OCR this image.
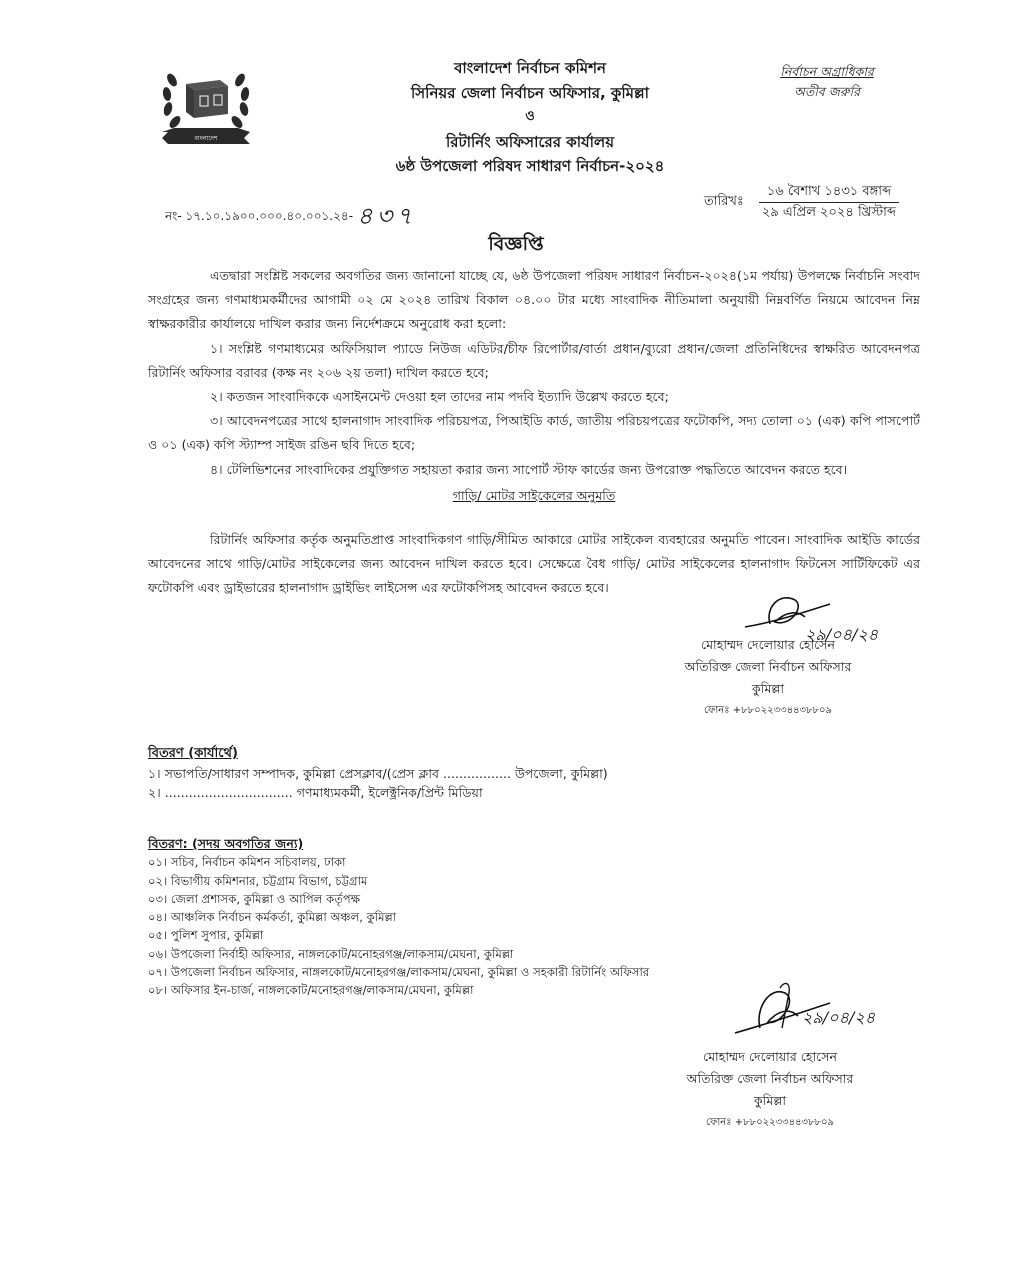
বাংলাদেশ
বাংলাদেশ নির্বাচন কমিশন
সিনিয়র জেলা নির্বাচন অফিসার, কুমিল্লা
ও
রিটার্নিং অফিসারের কার্যালয়
৬ষ্ঠ উপজেলা পরিষদ সাধারণ নির্বাচন-২০২৪
নির্বাচন অগ্রাধিকার
অতীব জরুরি
নং- ১৭.১০.১৯০০.০০০.৪০.০০১.২৪- ৪৩৭
তারিখঃ $\frac{\text{১৬ বৈশাখ ১৪৩১ বঙ্গাব্দ}}{\text{২৯ এপ্রিল ২০২৪ খ্রিস্টাব্দ}}$
বিজ্ঞপ্তি

এতদ্বারা সংশ্লিষ্ট সকলের অবগতির জন্য জানানো যাচ্ছে যে, ৬ষ্ঠ উপজেলা পরিষদ সাধারণ নির্বাচন-২০২৪(১ম পর্যায়) উপলক্ষে নির্বাচনি সংবাদ সংগ্রহের জন্য গণমাধ্যমকর্মীদের আগামী ০২ মে ২০২৪ তারিখ বিকাল ০৪.০০ টার মধ্যে সাংবাদিক নীতিমালা অনুযায়ী নিম্নবর্ণিত নিয়মে আবেদন নিম্ন স্বাক্ষরকারীর কার্যালয়ে দাখিল করার জন্য নির্দেশক্রমে অনুরোধ করা হলো:

১। সংশ্লিষ্ট গণমাধ্যমের অফিসিয়াল প্যাডে নিউজ এডিটর/চীফ রিপোর্টার/বার্তা প্রধান/ব্যুরো প্রধান/জেলা প্রতিনিধিদের স্বাক্ষরিত আবেদনপত্র রিটার্নিং অফিসার বরাবর (কক্ষ নং ২০৬ ২য় তলা) দাখিল করতে হবে;

২। কতজন সাংবাদিককে এসাইনমেন্ট দেওয়া হল তাদের নাম পদবি ইত্যাদি উল্লেখ করতে হবে;

৩। আবেদনপত্রের সাথে হালনাগাদ সাংবাদিক পরিচয়পত্র, পিআইডি কার্ড, জাতীয় পরিচয়পত্রের ফটোকপি, সদ্য তোলা ০১ (এক) কপি পাসপোর্ট ও ০১ (এক) কপি স্ট্যাম্প সাইজ রঙিন ছবি দিতে হবে;

৪। টেলিভিশনের সাংবাদিকের প্রযুক্তিগত সহায়তা করার জন্য সাপোর্ট স্টাফ কার্ডের জন্য উপরোক্ত পদ্ধতিতে আবেদন করতে হবে।

গাড়ি/ মোটর সাইকেলের অনুমতি

রিটার্নিং অফিসার কর্তৃক অনুমতিপ্রাপ্ত সাংবাদিকগণ গাড়ি/সীমিত আকারে মোটর সাইকেল ব্যবহারের অনুমতি পাবেন। সাংবাদিক আইডি কার্ডের আবেদনের সাথে গাড়ি/মোটর সাইকেলের জন্য আবেদন দাখিল করতে হবে। সেক্ষেত্রে বৈধ গাড়ি/ মোটর সাইকেলের হালনাগাদ ফিটনেস সার্টিফিকেট এর ফটোকপি এবং ড্রাইভারের হালনাগাদ ড্রাইভিং লাইসেন্স এর ফটোকপিসহ আবেদন করতে হবে।

২৯/০৪/২৪
মোহাম্মদ দেলোয়ার হোসেন
অতিরিক্ত জেলা নির্বাচন অফিসার
কুমিল্লা
ফোনঃ +৮৮০২২৩৩৪৪৩৮৮০৯
বিতরণ (কার্যার্থে)
১। সভাপতি/সাধারণ সম্পাদক, কুমিল্লা প্রেসক্লাব/(প্রেস ক্লাব ................. উপজেলা, কুমিল্লা)
২। ................................ গণমাধ্যমকর্মী, ইলেক্ট্রনিক/প্রিন্ট মিডিয়া
বিতরণ: (সদয় অবগতির জন্য)
০১। সচিব, নির্বাচন কমিশন সচিবালয়, ঢাকা
০২। বিভাগীয় কমিশনার, চট্টগ্রাম বিভাগ, চট্টগ্রাম
০৩। জেলা প্রশাসক, কুমিল্লা ও আপিল কর্তৃপক্ষ
০৪। আঞ্চলিক নির্বাচন কর্মকর্তা, কুমিল্লা অঞ্চল, কুমিল্লা
০৫। পুলিশ সুপার, কুমিল্লা
০৬। উপজেলা নির্বাহী অফিসার, নাঙ্গলকোট/মনোহরগঞ্জ/লাকসাম/মেঘনা, কুমিল্লা
০৭। উপজেলা নির্বাচন অফিসার, নাঙ্গলকোট/মনোহরগঞ্জ/লাকসাম/মেঘনা, কুমিল্লা ও সহকারী রিটার্নিং অফিসার
০৮। অফিসার ইন-চার্জ, নাঙ্গলকোট/মনোহরগঞ্জ/লাকসাম/মেঘনা, কুমিল্লা
২৯/০৪/২৪
মোহাম্মদ দেলোয়ার হোসেন
অতিরিক্ত জেলা নির্বাচন অফিসার
কুমিল্লা
ফোনঃ +৮৮০২২৩৩৪৪৩৮৮০৯
